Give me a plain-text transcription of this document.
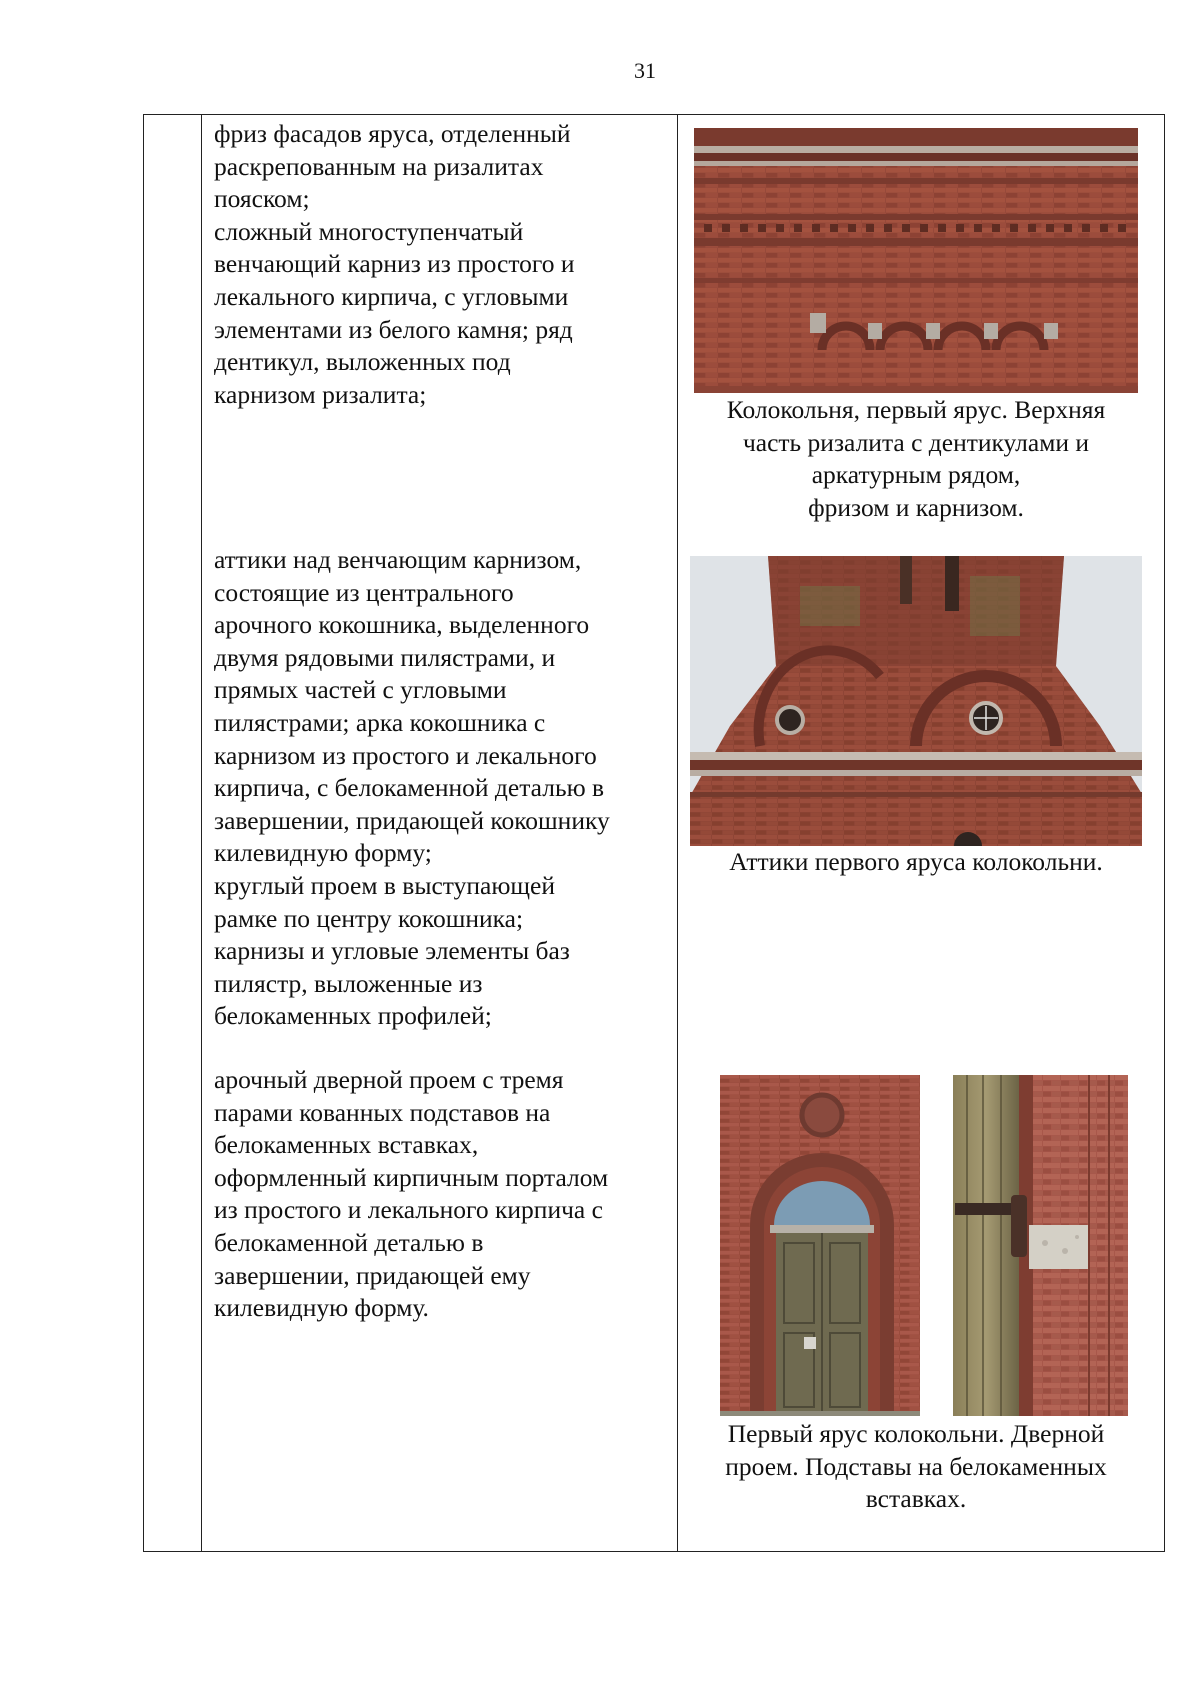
31

фриз фасадов яруса, отделенный
раскрепованным на ризалитах
пояском;
сложный многоступенчатый
венчающий карниз из простого и
лекального кирпича, с угловыми
элементами из белого камня; ряд
дентикул, выложенных под
карнизом ризалита;

аттики над венчающим карнизом,
состоящие из центрального
арочного кокошника, выделенного
двумя рядовыми пилястрами, и
прямых частей с угловыми
пилястрами; арка кокошника с
карнизом из простого и лекального
кирпича, с белокаменной деталью в
завершении, придающей кокошнику
килевидную форму;
круглый проем в выступающей
рамке по центру кокошника;
карнизы и угловые элементы баз
пилястр, выложенные из
белокаменных профилей;

арочный дверной проем с тремя
парами кованных подставов на
белокаменных вставках,
оформленный кирпичным порталом
из простого и лекального кирпича с
белокаменной деталью в
завершении, придающей ему
килевидную форму.

Колокольня, первый ярус. Верхняя
часть ризалита с дентикулами и
аркатурным рядом,
фризом и карнизом.
Аттики первого яруса колокольни.
Первый ярус колокольни. Дверной
проем. Подставы на белокаменных
вставках.
